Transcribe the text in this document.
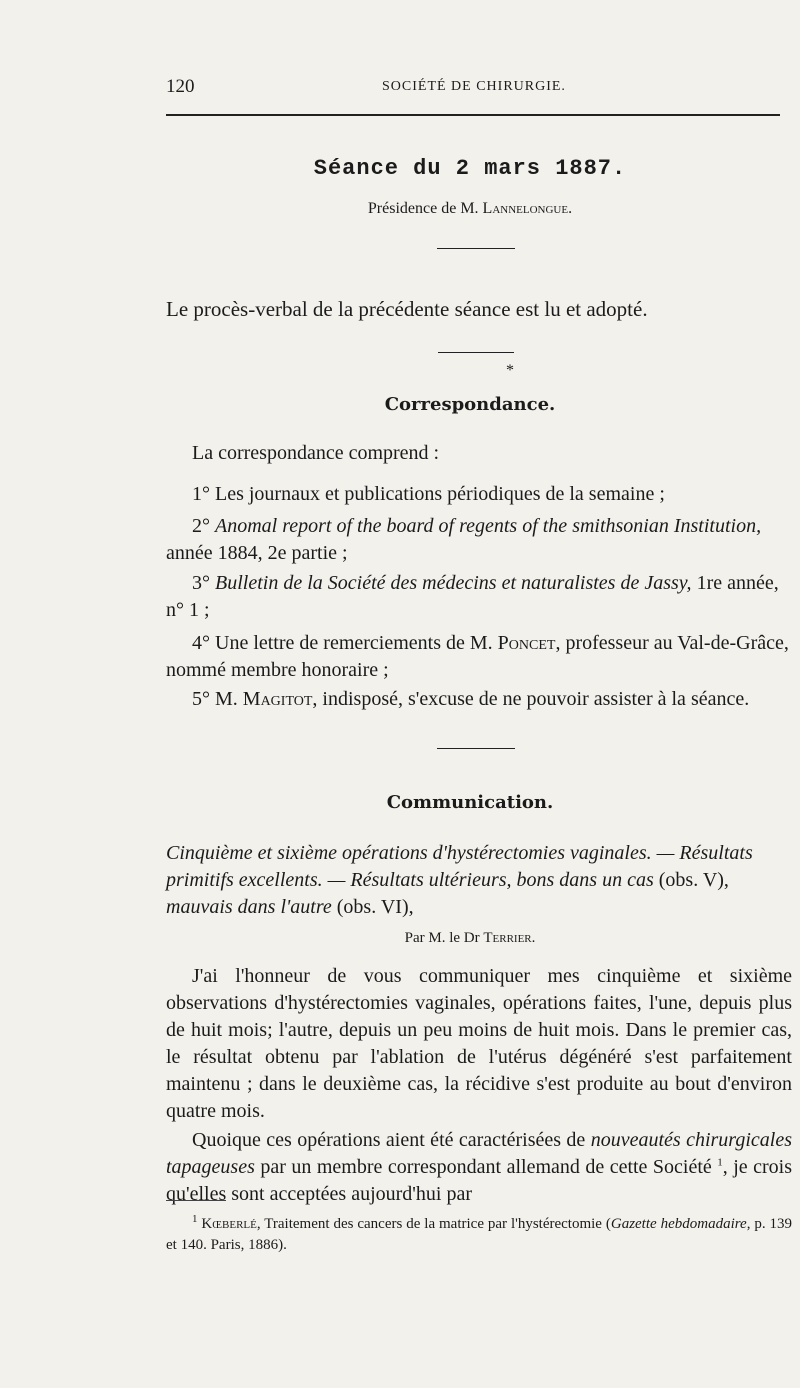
120	SOCIÉTÉ DE CHIRURGIE.
Séance du 2 mars 1887.
Présidence de M. Lannelongue.
Le procès-verbal de la précédente séance est lu et adopté.
*
Correspondance.
La correspondance comprend :
1° Les journaux et publications périodiques de la semaine ;
2° Anomal report of the board of regents of the smithsonian Institution, année 1884, 2e partie ;
3° Bulletin de la Société des médecins et naturalistes de Jassy, 1re année, n° 1 ;
4° Une lettre de remerciements de M. Poncet, professeur au Val-de-Grâce, nommé membre honoraire ;
5° M. Magitot, indisposé, s'excuse de ne pouvoir assister à la séance.
Communication.
Cinquième et sixième opérations d'hystérectomies vaginales. — Résultats primitifs excellents. — Résultats ultérieurs, bons dans un cas (obs. V), mauvais dans l'autre (obs. VI),
Par M. le Dr Terrier.
J'ai l'honneur de vous communiquer mes cinquième et sixième observations d'hystérectomies vaginales, opérations faites, l'une, depuis plus de huit mois; l'autre, depuis un peu moins de huit mois. Dans le premier cas, le résultat obtenu par l'ablation de l'utérus dégénéré s'est parfaitement maintenu ; dans le deuxième cas, la récidive s'est produite au bout d'environ quatre mois.
Quoique ces opérations aient été caractérisées de nouveautés chirurgicales tapageuses par un membre correspondant allemand de cette Société $^1$, je crois qu'elles sont acceptées aujourd'hui par
$^1$ Kœberlé, Traitement des cancers de la matrice par l'hystérectomie (Gazette hebdomadaire, p. 139 et 140. Paris, 1886).
